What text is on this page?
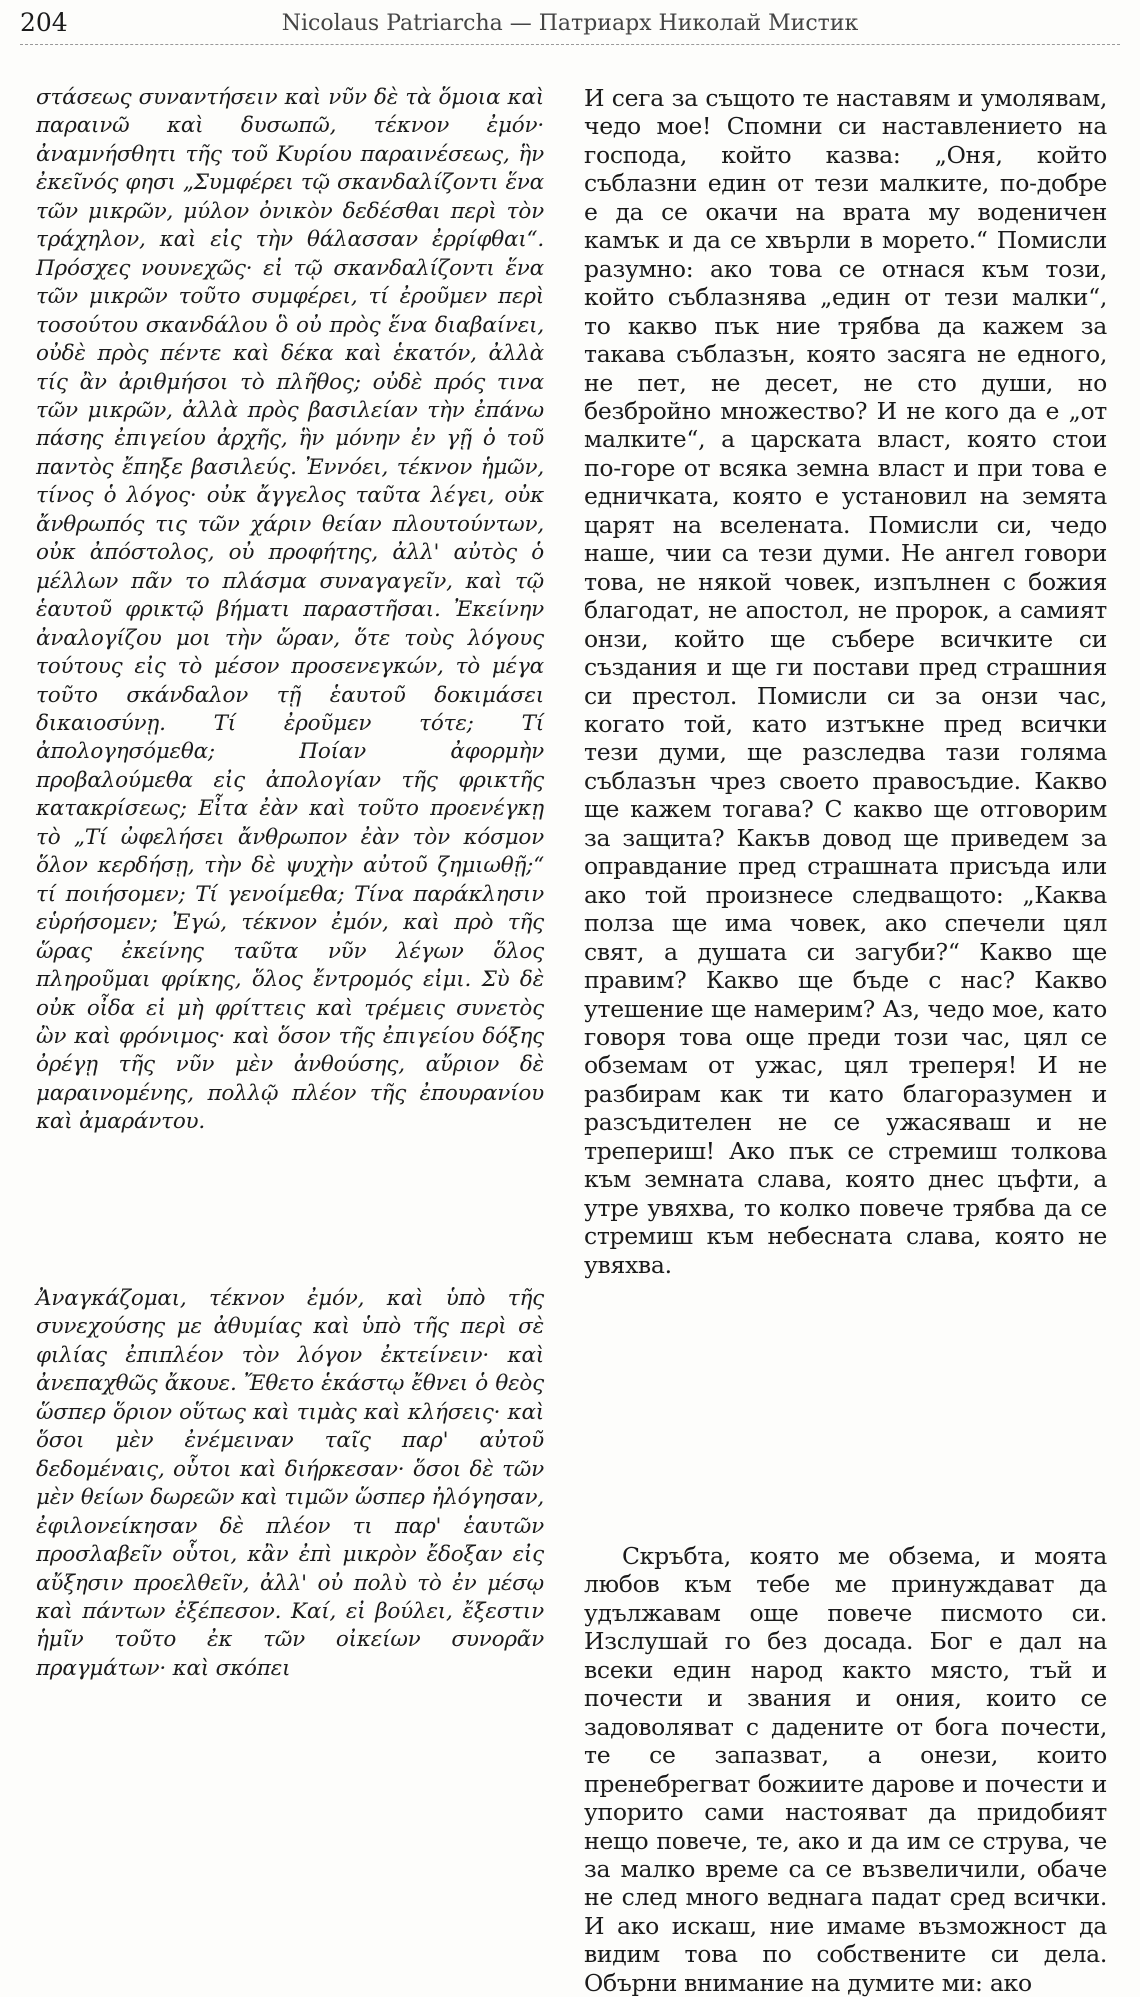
204	Nicolaus Patriarcha — Патриарх Николай Мистик

στάσεως συναντήσειν καὶ νῦν δὲ τὰ ὅμοια καὶ παραινῶ καὶ δυσωπῶ, τέκνον ἐμόν· ἀναμνήσθητι τῆς τοῦ Κυρίου παραινέσεως, ἣν ἐκεῖνός φησι „Συμφέρει τῷ σκανδαλίζοντι ἕνα τῶν μικρῶν, μύλον ὀνικὸν δεδέσθαι περὶ τὸν τράχηλον, καὶ εἰς τὴν θάλασσαν ἐρρίφθαι“. Πρόσχες νουνεχῶς· εἰ τῷ σκανδαλίζοντι ἕνα τῶν μικρῶν τοῦτο συμφέρει, τί ἐροῦμεν περὶ τοσούτου σκανδάλου ὃ οὐ πρὸς ἕνα διαβαίνει, οὐδὲ πρὸς πέντε καὶ δέκα καὶ ἑκατόν, ἀλλὰ τίς ἂν ἀριθμήσοι τὸ πλῆθος; οὐδὲ πρός τινα τῶν μικρῶν, ἀλλὰ πρὸς βασιλείαν τὴν ἐπάνω πάσης ἐπιγείου ἀρχῆς, ἣν μόνην ἐν γῇ ὁ τοῦ παντὸς ἔπηξε βασιλεύς. Ἐννόει, τέκνον ἡμῶν, τίνος ὁ λόγος· οὐκ ἄγγελος ταῦτα λέγει, οὐκ ἄνθρωπός τις τῶν χάριν θείαν πλουτούντων, οὐκ ἀπόστολος, οὐ προφήτης, ἀλλ' αὐτὸς ὁ μέλλων πᾶν το πλάσμα συναγαγεῖν, καὶ τῷ ἑαυτοῦ φρικτῷ βήματι παραστῆσαι. Ἐκείνην ἀναλογίζου μοι τὴν ὥραν, ὅτε τοὺς λόγους τούτους εἰς τὸ μέσον προσενεγκών, τὸ μέγα τοῦτο σκάνδαλον τῇ ἑαυτοῦ δοκιμάσει δικαιοσύνῃ. Τί ἐροῦμεν τότε; Τί ἀπολογησόμεθα; Ποίαν ἀφορμὴν προβαλούμεθα εἰς ἀπολογίαν τῆς φρικτῆς κατακρίσεως; Εἶτα ἐὰν καὶ τοῦτο προενέγκῃ τὸ „Τί ὠφελήσει ἄνθρωπον ἐὰν τὸν κόσμον ὅλον κερδήσῃ, τὴν δὲ ψυχὴν αὐτοῦ ζημιωθῇ;“ τί ποιήσομεν; Τί γενοίμεθα; Τίνα παράκλησιν εὑρήσομεν; Ἐγώ, τέκνον ἐμόν, καὶ πρὸ τῆς ὥρας ἐκείνης ταῦτα νῦν λέγων ὅλος πληροῦμαι φρίκης, ὅλος ἔντρομός εἰμι. Σὺ δὲ οὐκ οἶδα εἰ μὴ φρίττεις καὶ τρέμεις συνετὸς ὢν καὶ φρόνιμος· καὶ ὅσον τῆς ἐπιγείου δόξης ὀρέγῃ τῆς νῦν μὲν ἀνθούσης, αὔριον δὲ μαραινομένης, πολλῷ πλέον τῆς ἐπουρανίου καὶ ἀμαράντου.

Ἀναγκάζομαι, τέκνον ἐμόν, καὶ ὑπὸ τῆς συνεχούσης με ἀθυμίας καὶ ὑπὸ τῆς περὶ σὲ φιλίας ἐπιπλέον τὸν λόγον ἐκτείνειν· καὶ ἀνεπαχθῶς ἄκουε. Ἔθετο ἑκάστῳ ἔθνει ὁ θεὸς ὥσπερ ὅριον οὕτως καὶ τιμὰς καὶ κλήσεις· καὶ ὅσοι μὲν ἐνέμειναν ταῖς παρ' αὐτοῦ δεδομέναις, οὗτοι καὶ διήρκεσαν· ὅσοι δὲ τῶν μὲν θείων δωρεῶν καὶ τιμῶν ὥσπερ ἠλόγησαν, ἐφιλονείκησαν δὲ πλέον τι παρ' ἑαυτῶν προσλαβεῖν οὗτοι, κἂν ἐπὶ μικρὸν ἔδοξαν εἰς αὔξησιν προελθεῖν, ἀλλ' οὐ πολὺ τὸ ἐν μέσῳ καὶ πάντων ἐξέπεσον. Καί, εἰ βούλει, ἔξεστιν ἡμῖν τοῦτο ἐκ τῶν οἰκείων συνορᾶν πραγμάτων· καὶ σκόπει

И сега за същото те наставям и умолявам, чедо мое! Спомни си наставлението на господа, който казва: „Оня, който съблазни един от тези малките, по-добре е да се окачи на врата му воденичен камък и да се хвърли в морето.“ Помисли разумно: ако това се отнася към този, който съблазнява „един от тези малки“, то какво пък ние трябва да кажем за такава съблазън, която засяга не едного, не пет, не десет, не сто души, но безбройно множество? И не кого да е „от малките“, а царската власт, която стои по-горе от всяка земна власт и при това е едничката, която е установил на земята царят на вселената. Помисли си, чедо наше, чии са тези думи. Не ангел говори това, не някой човек, изпълнен с божия благодат, не апостол, не пророк, а самият онзи, който ще събере всичките си създания и ще ги постави пред страшния си престол. Помисли си за онзи час, когато той, като изтъкне пред всички тези думи, ще разследва тази голяма съблазън чрез своето правосъдие. Какво ще кажем тогава? С какво ще отговорим за защита? Какъв довод ще приведем за оправдание пред страшната присъда или ако той произнесе следващото: „Каква полза ще има човек, ако спечели цял свят, а душата си загуби?“ Какво ще правим? Какво ще бъде с нас? Какво утешение ще намерим? Аз, чедо мое, като говоря това още преди този час, цял се обземам от ужас, цял треперя! И не разбирам как ти като благоразумен и разсъдителен не се ужасяваш и не трепериш! Ако пък се стремиш толкова към земната слава, която днес цъфти, а утре увяхва, то колко повече трябва да се стремиш към небесната слава, която не увяхва.

Скръбта, която ме обзема, и моята любов към тебе ме принуждават да удължавам още повече писмото си. Изслушай го без досада. Бог е дал на всеки един народ както място, тъй и почести и звания и ония, които се задоволяват с дадените от бога почести, те се запазват, а онези, които пренебрегват божиите дарове и почести и упорито сами настояват да придобият нещо повече, те, ако и да им се струва, че за малко време са се възвеличили, обаче не след много веднага падат сред всички. И ако искаш, ние имаме възможност да видим това по собствените си дела. Обърни внимание на думите ми: ако
